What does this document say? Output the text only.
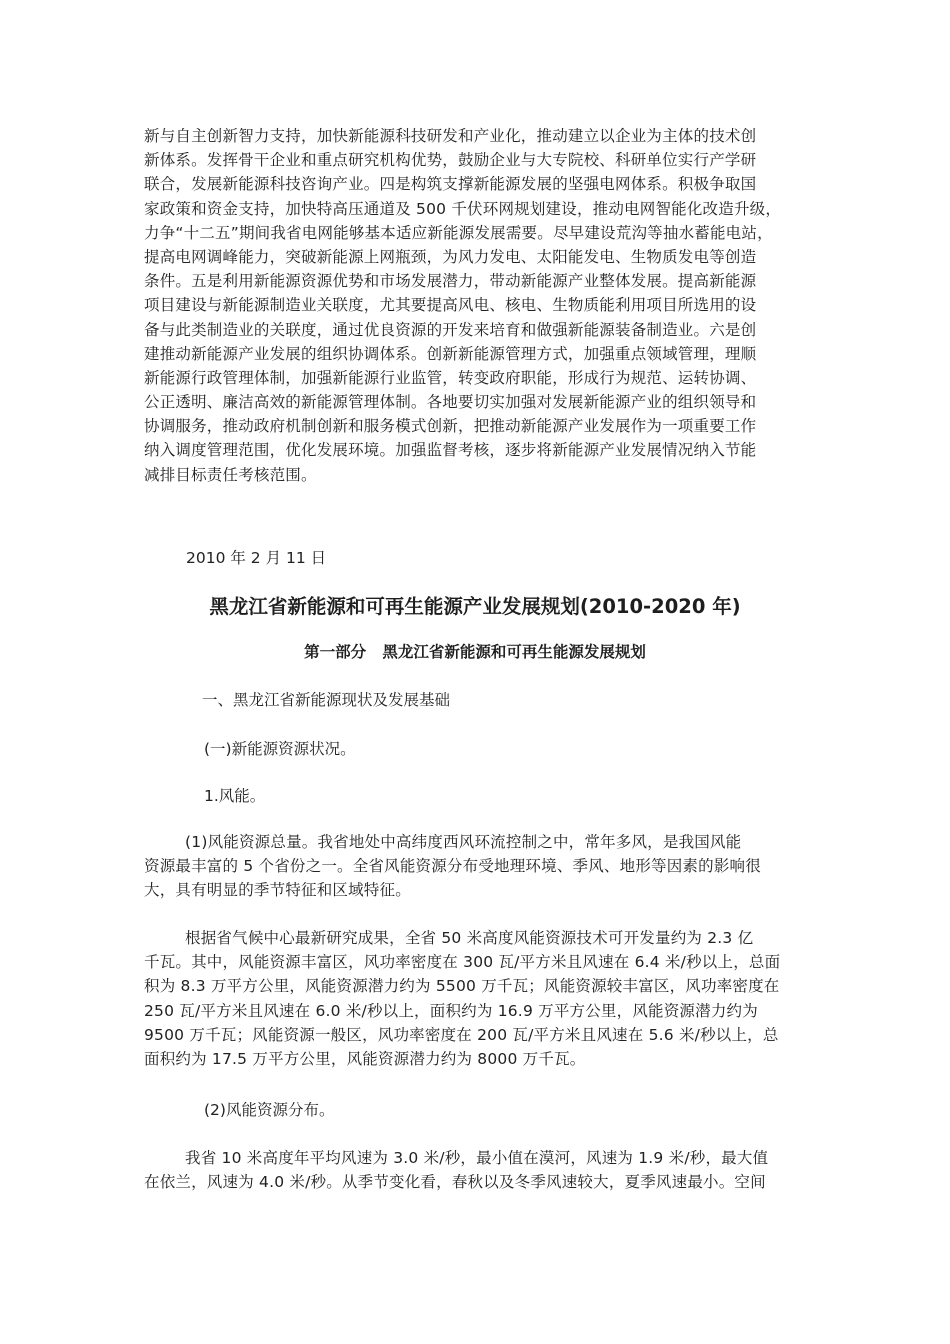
新与自主创新智力支持，加快新能源科技研发和产业化，推动建立以企业为主体的技术创
新体系。发挥骨干企业和重点研究机构优势，鼓励企业与大专院校、科研单位实行产学研
联合，发展新能源科技咨询产业。四是构筑支撑新能源发展的坚强电网体系。积极争取国
家政策和资金支持，加快特高压通道及 500 千伏环网规划建设，推动电网智能化改造升级，
力争“十二五”期间我省电网能够基本适应新能源发展需要。尽早建设荒沟等抽水蓄能电站，
提高电网调峰能力，突破新能源上网瓶颈，为风力发电、太阳能发电、生物质发电等创造
条件。五是利用新能源资源优势和市场发展潜力，带动新能源产业整体发展。提高新能源
项目建设与新能源制造业关联度，尤其要提高风电、核电、生物质能利用项目所选用的设
备与此类制造业的关联度，通过优良资源的开发来培育和做强新能源装备制造业。六是创
建推动新能源产业发展的组织协调体系。创新新能源管理方式，加强重点领域管理，理顺
新能源行政管理体制，加强新能源行业监管，转变政府职能，形成行为规范、运转协调、
公正透明、廉洁高效的新能源管理体制。各地要切实加强对发展新能源产业的组织领导和
协调服务，推动政府机制创新和服务模式创新，把推动新能源产业发展作为一项重要工作
纳入调度管理范围，优化发展环境。加强监督考核，逐步将新能源产业发展情况纳入节能
减排目标责任考核范围。
2010 年 2 月 11 日
黑龙江省新能源和可再生能源产业发展规划(2010-2020 年)
第一部分   黑龙江省新能源和可再生能源发展规划
一、黑龙江省新能源现状及发展基础
(一)新能源资源状况。
1.风能。
(1)风能资源总量。我省地处中高纬度西风环流控制之中，常年多风，是我国风能
资源最丰富的 5 个省份之一。全省风能资源分布受地理环境、季风、地形等因素的影响很
大，具有明显的季节特征和区域特征。
根据省气候中心最新研究成果，全省 50 米高度风能资源技术可开发量约为 2.3 亿
千瓦。其中，风能资源丰富区，风功率密度在 300 瓦/平方米且风速在 6.4 米/秒以上，总面
积为 8.3 万平方公里，风能资源潜力约为 5500 万千瓦；风能资源较丰富区，风功率密度在
250 瓦/平方米且风速在 6.0 米/秒以上，面积约为 16.9 万平方公里，风能资源潜力约为
9500 万千瓦；风能资源一般区，风功率密度在 200 瓦/平方米且风速在 5.6 米/秒以上，总
面积约为 17.5 万平方公里，风能资源潜力约为 8000 万千瓦。
(2)风能资源分布。
我省 10 米高度年平均风速为 3.0 米/秒，最小值在漠河，风速为 1.9 米/秒，最大值
在依兰，风速为 4.0 米/秒。从季节变化看，春秋以及冬季风速较大，夏季风速最小。空间
